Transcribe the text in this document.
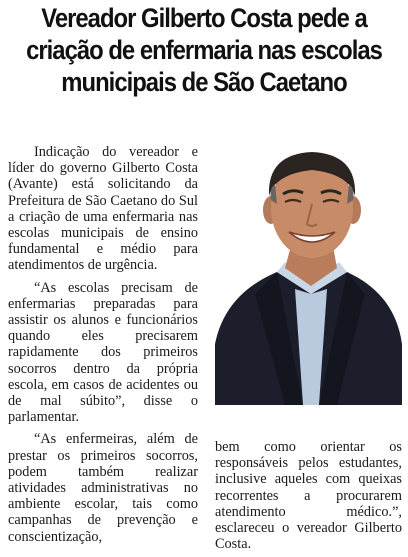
Vereador Gilberto Costa pede a
criação de enfermaria nas escolas
municipais de São Caetano

Indicação do vereador e líder do governo Gilberto Costa (Avante) está solicitando da Prefeitura de São Caetano do Sul a criação de uma enfermaria nas escolas municipais de ensino fundamental e médio para atendimentos de urgência.

“As escolas precisam de enfermarias preparadas para assistir os alunos e funcionários quando eles precisarem rapidamente dos primeiros socorros dentro da própria escola, em casos de acidentes ou de mal súbito”, disse o parlamentar.

“As enfermeiras, além de prestar os primeiros socorros, podem também realizar atividades administrativas no ambiente escolar, tais como campanhas de prevenção e conscientização,

bem como orientar os responsáveis pelos estudantes, inclusive aqueles com queixas recorrentes a procurarem atendimento médico.”, esclareceu o vereador Gilberto Costa.
